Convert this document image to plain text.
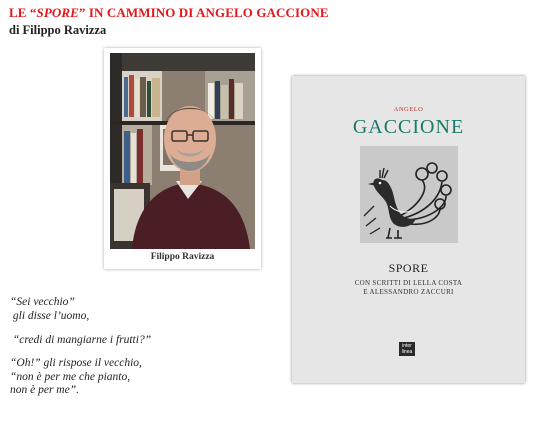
LE “SPORE” IN CAMMINO DI ANGELO GACCIONE
di Filippo Ravizza
Filippo Ravizza
“Sei vecchio”
gli disse l’uomo,
“credi di mangiarne i frutti?”
“Oh!” gli rispose il vecchio,
“non è per me che pianto,
non è per me”.
ANGELO
GACCIONE
SPORE
CON SCRITTI DI LELLA COSTA
E ALESSANDRO ZACCURI
inter
linea
